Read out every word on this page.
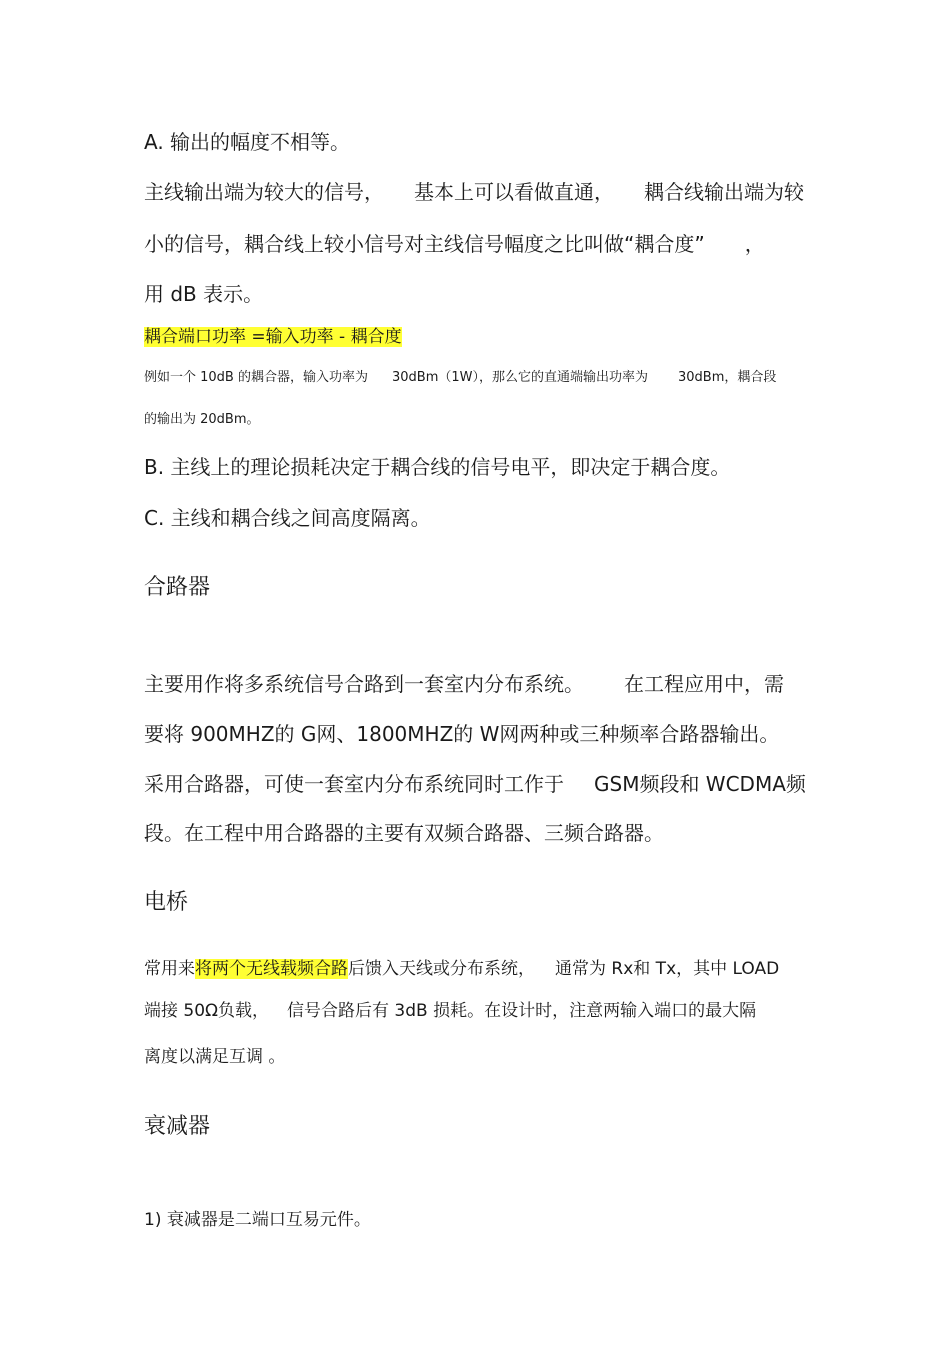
A. 输出的幅度不相等。
主线输出端为较大的信号， 基本上可以看做直通， 耦合线输出端为较
小的信号，耦合线上较小信号对主线信号幅度之比叫做“耦合度” ，
用 dB 表示。
耦合端口功率 =输入功率 - 耦合度
例如一个 10dB 的耦合器，输入功率为 30dBm（1W），那么它的直通端输出功率为 30dBm，耦合段
的输出为 20dBm。
B. 主线上的理论损耗决定于耦合线的信号电平，即决定于耦合度。
C. 主线和耦合线之间高度隔离。
合路器
主要用作将多系统信号合路到一套室内分布系统。 在工程应用中，需
要将 900MHZ的 G网、1800MHZ的 W网两种或三种频率合路器输出。
采用合路器，可使一套室内分布系统同时工作于 GSM频段和 WCDMA频
段。在工程中用合路器的主要有双频合路器、三频合路器。
电桥
常用来将两个无线载频合路后馈入天线或分布系统， 通常为 Rx和 Tx，其中 LOAD
端接 50Ω负载， 信号合路后有 3dB 损耗。在设计时，注意两输入端口的最大隔
离度以满足互调 。
衰减器
1) 衰减器是二端口互易元件。
